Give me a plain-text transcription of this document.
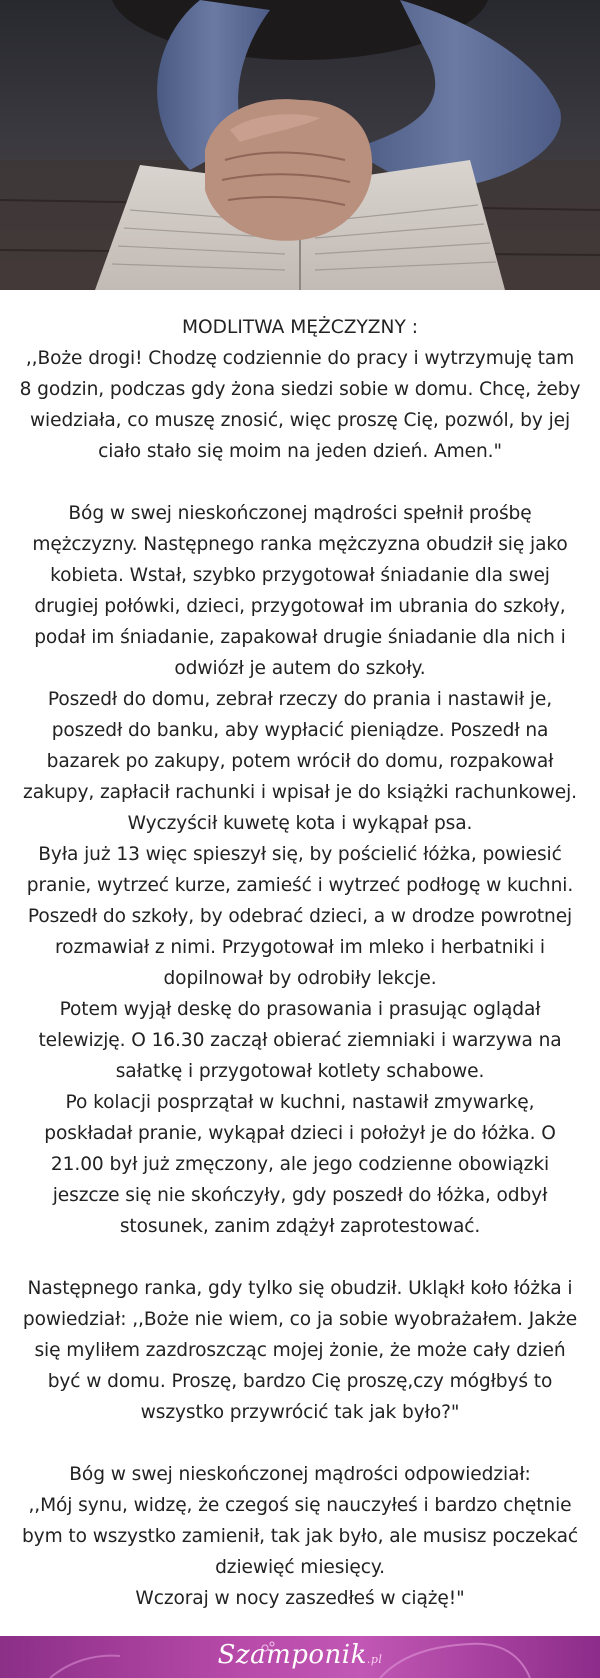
MODLITWA MĘŻCZYZNY :

,,Boże drogi! Chodzę codziennie do pracy i wytrzymuję tam
8 godzin, podczas gdy żona siedzi sobie w domu. Chcę, żeby
wiedziała, co muszę znosić, więc proszę Cię, pozwól, by jej
ciało stało się moim na jeden dzień. Amen."

Bóg w swej nieskończonej mądrości spełnił prośbę
mężczyzny. Następnego ranka mężczyzna obudził się jako
kobieta. Wstał, szybko przygotował śniadanie dla swej
drugiej połówki, dzieci, przygotował im ubrania do szkoły,
podał im śniadanie, zapakował drugie śniadanie dla nich i
odwiózł je autem do szkoły.

Poszedł do domu, zebrał rzeczy do prania i nastawił je,
poszedł do banku, aby wypłacić pieniądze. Poszedł na
bazarek po zakupy, potem wrócił do domu, rozpakował
zakupy, zapłacił rachunki i wpisał je do książki rachunkowej.
Wyczyścił kuwetę kota i wykąpał psa.

Była już 13 więc spieszył się, by pościelić łóżka, powiesić
pranie, wytrzeć kurze, zamieść i wytrzeć podłogę w kuchni.
Poszedł do szkoły, by odebrać dzieci, a w drodze powrotnej
rozmawiał z nimi. Przygotował im mleko i herbatniki i
dopilnował by odrobiły lekcje.

Potem wyjął deskę do prasowania i prasując oglądał
telewizję. O 16.30 zaczął obierać ziemniaki i warzywa na
sałatkę i przygotował kotlety schabowe.

Po kolacji posprzątał w kuchni, nastawił zmywarkę,
poskładał pranie, wykąpał dzieci i położył je do łóżka. O
21.00 był już zmęczony, ale jego codzienne obowiązki
jeszcze się nie skończyły, gdy poszedł do łóżka, odbył
stosunek, zanim zdążył zaprotestować.

Następnego ranka, gdy tylko się obudził. Ukląkł koło łóżka i
powiedział: ,,Boże nie wiem, co ja sobie wyobrażałem. Jakże
się myliłem zazdroszcząc mojej żonie, że może cały dzień
być w domu. Proszę, bardzo Cię proszę,czy mógłbyś to
wszystko przywrócić tak jak było?"

Bóg w swej nieskończonej mądrości odpowiedział:
,,Mój synu, widzę, że czegoś się nauczyłeś i bardzo chętnie
bym to wszystko zamienił, tak jak było, ale musisz poczekać
dziewięć miesięcy.
Wczoraj w nocy zaszedłeś w ciążę!"

Szamponik.pl
